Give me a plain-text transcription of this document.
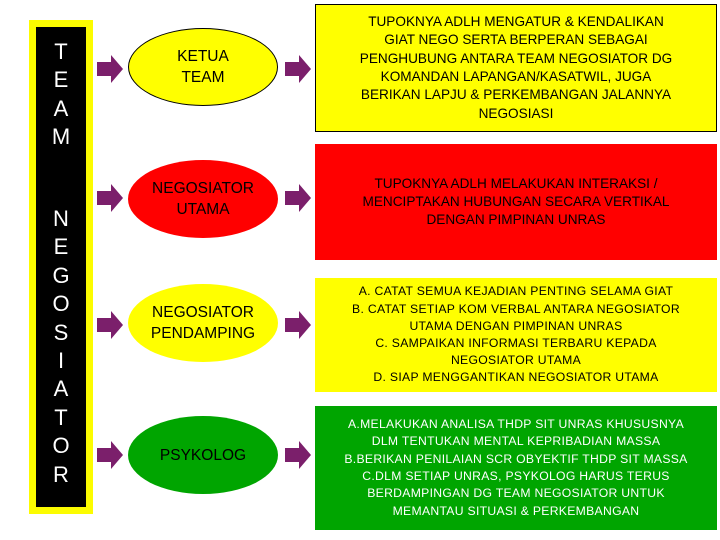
T
E
A
M
N
E
G
O
S
I
A
T
O
R
KETUA
TEAM
NEGOSIATOR
UTAMA
NEGOSIATOR
PENDAMPING
PSYKOLOG
TUPOKNYA ADLH MENGATUR & KENDALIKAN
GIAT NEGO SERTA BERPERAN SEBAGAI
PENGHUBUNG ANTARA TEAM NEGOSIATOR DG
KOMANDAN LAPANGAN/KASATWIL, JUGA
BERIKAN LAPJU & PERKEMBANGAN JALANNYA
NEGOSIASI
TUPOKNYA ADLH MELAKUKAN INTERAKSI /
MENCIPTAKAN HUBUNGAN SECARA VERTIKAL
DENGAN PIMPINAN UNRAS
A. CATAT SEMUA KEJADIAN PENTING SELAMA GIAT
B. CATAT SETIAP KOM VERBAL ANTARA NEGOSIATOR
UTAMA DENGAN PIMPINAN UNRAS
C. SAMPAIKAN INFORMASI TERBARU KEPADA
NEGOSIATOR UTAMA
D. SIAP MENGGANTIKAN NEGOSIATOR UTAMA
A.MELAKUKAN ANALISA THDP SIT UNRAS KHUSUSNYA
DLM TENTUKAN MENTAL KEPRIBADIAN MASSA
B.BERIKAN PENILAIAN SCR OBYEKTIF THDP SIT MASSA
C.DLM SETIAP UNRAS, PSYKOLOG HARUS TERUS
BERDAMPINGAN DG TEAM NEGOSIATOR UNTUK
MEMANTAU SITUASI & PERKEMBANGAN
